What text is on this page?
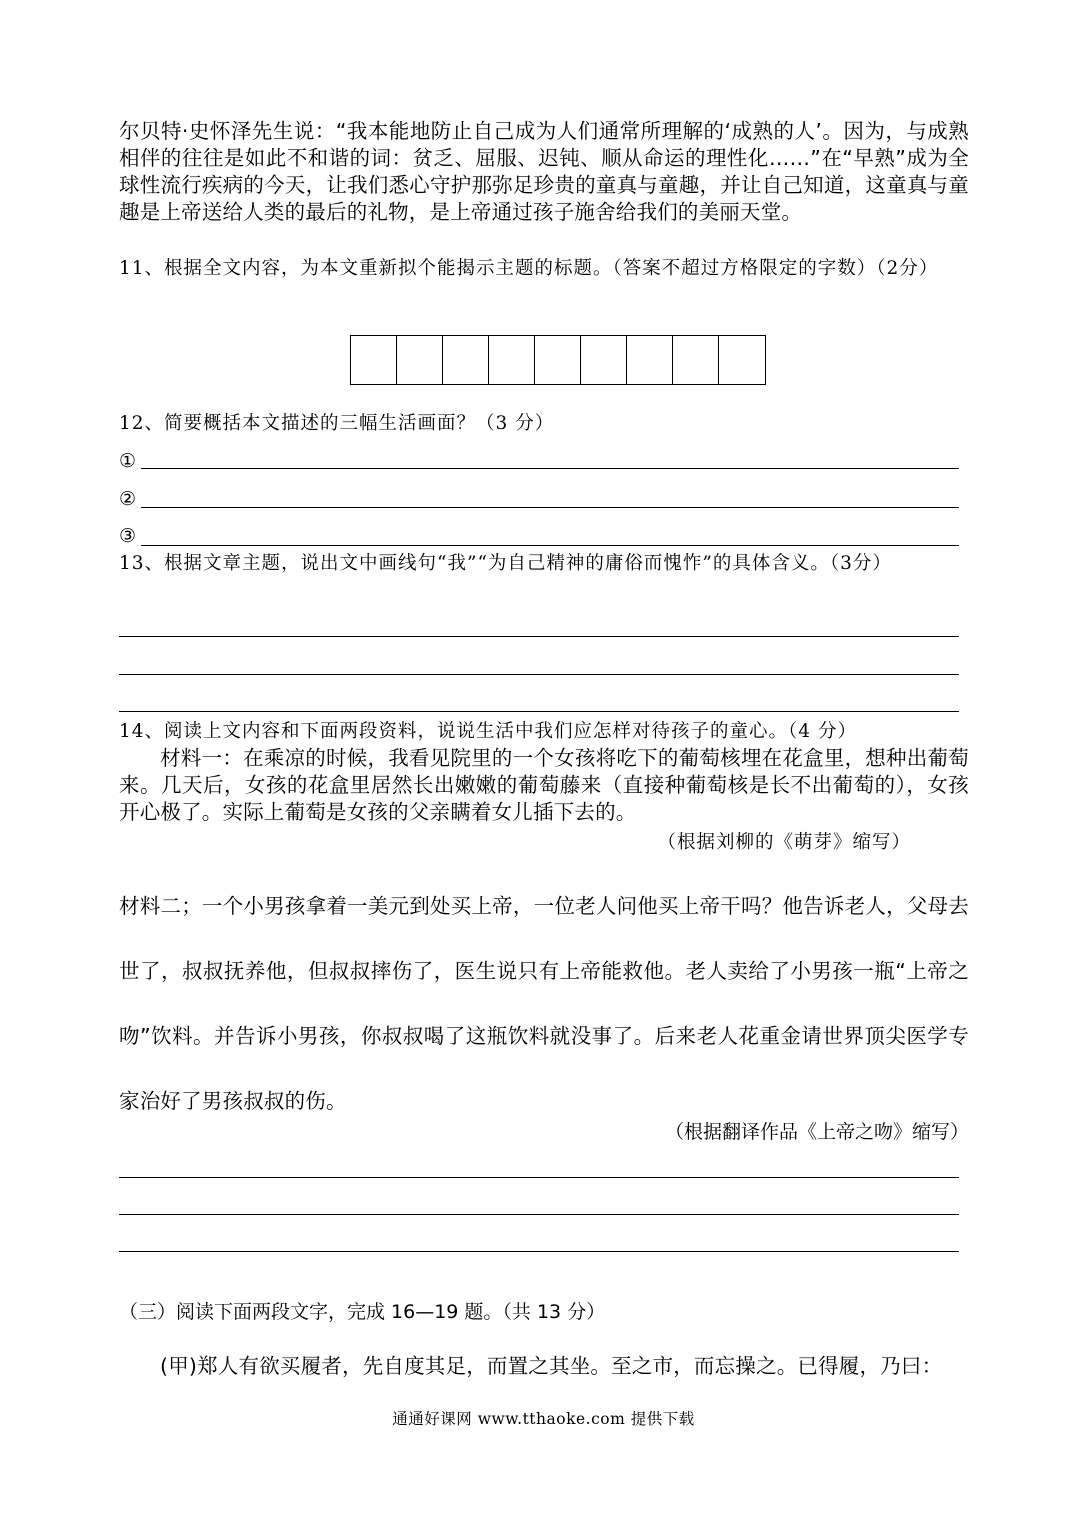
尔贝特·史怀泽先生说：“我本能地防止自己成为人们通常所理解的‘成熟的人’。因为，与成熟相伴的往往是如此不和谐的词：贫乏、屈服、迟钝、顺从命运的理性化……”在“早熟”成为全球性流行疾病的今天，让我们悉心守护那弥足珍贵的童真与童趣，并让自己知道，这童真与童趣是上帝送给人类的最后的礼物，是上帝通过孩子施舍给我们的美丽天堂。
11、根据全文内容，为本文重新拟个能揭示主题的标题。（答案不超过方格限定的字数）（2分）
12、简要概括本文描述的三幅生活画面？（3 分）
①
②
③
13、根据文章主题，说出文中画线句“我”“为自己精神的庸俗而愧怍”的具体含义。（3分）
14、阅读上文内容和下面两段资料，说说生活中我们应怎样对待孩子的童心。（4 分）
材料一：在乘凉的时候，我看见院里的一个女孩将吃下的葡萄核埋在花盒里，想种出葡萄来。几天后，女孩的花盒里居然长出嫩嫩的葡萄藤来（直接种葡萄核是长不出葡萄的），女孩开心极了。实际上葡萄是女孩的父亲瞒着女儿插下去的。
（根据刘柳的《萌芽》缩写）
材料二；一个小男孩拿着一美元到处买上帝，一位老人问他买上帝干吗？他告诉老人，父母去世了，叔叔抚养他，但叔叔摔伤了，医生说只有上帝能救他。老人卖给了小男孩一瓶“上帝之吻”饮料。并告诉小男孩，你叔叔喝了这瓶饮料就没事了。后来老人花重金请世界顶尖医学专家治好了男孩叔叔的伤。
（根据翻译作品《上帝之吻》缩写）
（三）阅读下面两段文字，完成 16—19 题。（共 13 分）
(甲)郑人有欲买履者，先自度其足，而置之其坐。至之市，而忘操之。已得履，乃曰：
通通好课网 www.tthaoke.com 提供下载
